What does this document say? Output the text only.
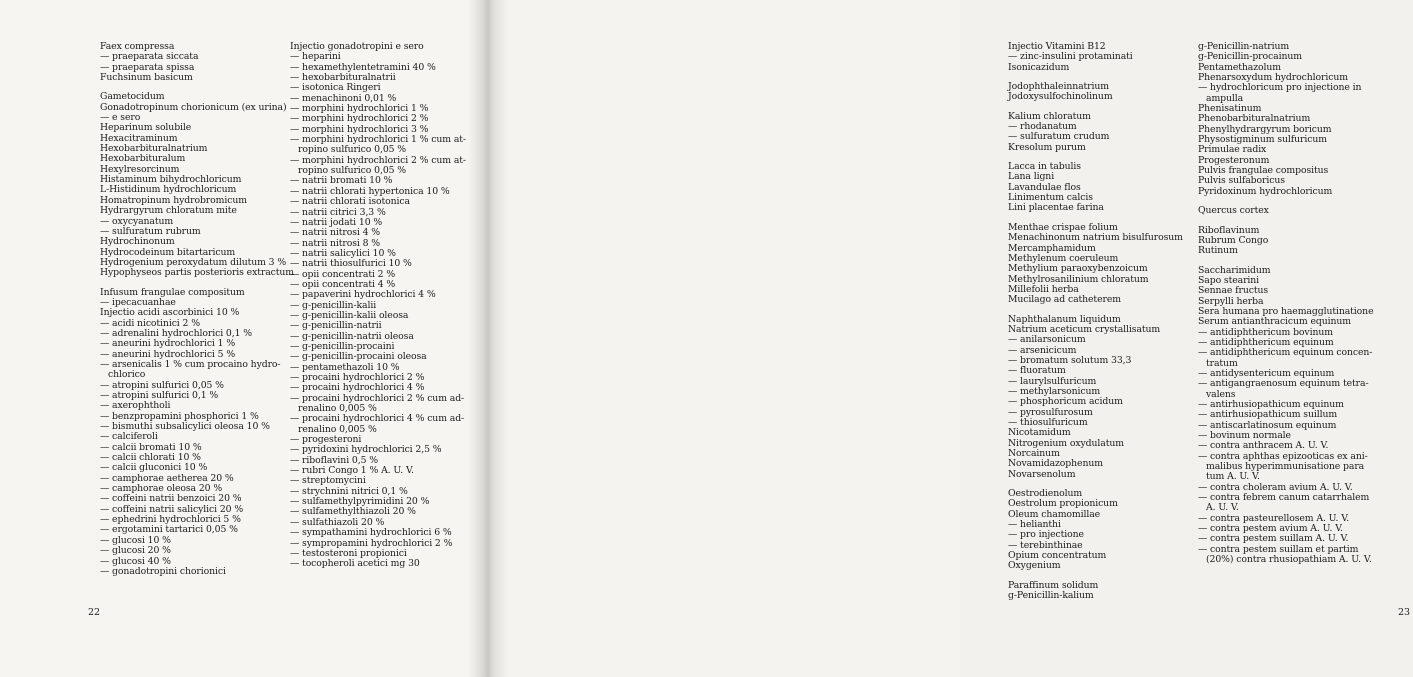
Faex compressa
— praeparata siccata
— praeparata spissa
Fuchsinum basicum
Gametocidum
Gonadotropinum chorionicum (ex urina)
— e sero
Heparinum solubile
Hexacitraminum
Hexobarbituralnatrium
Hexobarbituralum
Hexylresorcinum
Histaminum bihydrochloricum
L-Histidinum hydrochloricum
Homatropinum hydrobromicum
Hydrargyrum chloratum mite
— oxycyanatum
— sulfuratum rubrum
Hydrochinonum
Hydrocodeinum bitartaricum
Hydrogenium peroxydatum dilutum 3 %
Hypophyseos partis posterioris extractum
Infusum frangulae compositum
— ipecacuanhae
Injectio acidi ascorbinici 10 %
— acidi nicotinici 2 %
— adrenalini hydrochlorici 0,1 %
— aneurini hydrochlorici 1 %
— aneurini hydrochlorici 5 %
— arsenicalis 1 % cum procaino hydro-
chlorico
— atropini sulfurici 0,05 %
— atropini sulfurici 0,1 %
— axerophtholi
— benzpropamini phosphorici 1 %
— bismuthi subsalicylici oleosa 10 %
— calciferoli
— calcii bromati 10 %
— calcii chlorati 10 %
— calcii gluconici 10 %
— camphorae aetherea 20 %
— camphorae oleosa 20 %
— coffeini natrii benzoici 20 %
— coffeini natrii salicylici 20 %
— ephedrini hydrochlorici 5 %
— ergotamini tartarici 0,05 %
— glucosi 10 %
— glucosi 20 %
— glucosi 40 %
— gonadotropini chorionici
Injectio gonadotropini e sero
— heparini
— hexamethylentetramini 40 %
— hexobarbituralnatrii
— isotonica Ringeri
— menachinoni 0,01 %
— morphini hydrochlorici 1 %
— morphini hydrochlorici 2 %
— morphini hydrochlorici 3 %
— morphini hydrochlorici 1 % cum at-
ropino sulfurico 0,05 %
— morphini hydrochlorici 2 % cum at-
ropino sulfurico 0,05 %
— natrii bromati 10 %
— natrii chlorati hypertonica 10 %
— natrii chlorati isotonica
— natrii citrici 3,3 %
— natrii jodati 10 %
— natrii nitrosi 4 %
— natrii nitrosi 8 %
— natrii salicylici 10 %
— natrii thiosulfurici 10 %
— opii concentrati 2 %
— opii concentrati 4 %
— papaverini hydrochlorici 4 %
— g-penicillin-kalii
— g-penicillin-kalii oleosa
— g-penicillin-natrii
— g-penicillin-natrii oleosa
— g-penicillin-procaini
— g-penicillin-procaini oleosa
— pentamethazoli 10 %
— procaini hydrochlorici 2 %
— procaini hydrochlorici 4 %
— procaini hydrochlorici 2 % cum ad-
renalino 0,005 %
— procaini hydrochlorici 4 % cum ad-
renalino 0,005 %
— progesteroni
— pyridoxini hydrochlorici 2,5 %
— riboflavini 0,5 %
— rubri Congo 1 % A. U. V.
— streptomycini
— strychnini nitrici 0,1 %
— sulfamethylpyrimidini 20 %
— sulfamethylthiazoli 20 %
— sulfathiazoli 20 %
— sympathamini hydrochlorici 6 %
— sympropamini hydrochlorici 2 %
— testosteroni propionici
— tocopheroli acetici mg 30
22
Injectio Vitamini B12
— zinc-insulini protaminati
Isonicazidum
Jodophthaleinnatrium
Jodoxysulfochinolinum
Kalium chloratum
— rhodanatum
— sulfuratum crudum
Kresolum purum
Lacca in tabulis
Lana ligni
Lavandulae flos
Linimentum calcis
Lini placentae farina
Menthae crispae folium
Menachinonum natrium bisulfurosum
Mercamphamidum
Methylenum coeruleum
Methylium paraoxybenzoicum
Methylrosanilinium chloratum
Millefolii herba
Mucilago ad catheterem
Naphthalanum liquidum
Natrium aceticum crystallisatum
— anilarsonicum
— arsenicicum
— bromatum solutum 33,3
— fluoratum
— laurylsulfuricum
— methylarsonicum
— phosphoricum acidum
— pyrosulfurosum
— thiosulfuricum
Nicotamidum
Nitrogenium oxydulatum
Norcainum
Novamidazophenum
Novarsenolum
Oestrodienolum
Oestrolum propionicum
Oleum chamomillae
— helianthi
— pro injectione
— terebinthinae
Opium concentratum
Oxygenium
Paraffinum solidum
g-Penicillin-kalium
g-Penicillin-natrium
g-Penicillin-procainum
Pentamethazolum
Phenarsoxydum hydrochloricum
— hydrochloricum pro injectione in
ampulla
Phenisatinum
Phenobarbituralnatrium
Phenylhydrargyrum boricum
Physostigminum sulfuricum
Primulae radix
Progesteronum
Pulvis frangulae compositus
Pulvis sulfaboricus
Pyridoxinum hydrochloricum
Quercus cortex
Riboflavinum
Rubrum Congo
Rutinum
Saccharimidum
Sapo stearini
Sennae fructus
Serpylli herba
Sera humana pro haemagglutinatione
Serum antianthracicum equinum
— antidiphthericum bovinum
— antidiphthericum equinum
— antidiphthericum equinum concen-
tratum
— antidysentericum equinum
— antigangraenosum equinum tetra-
valens
— antirhusiopathicum equinum
— antirhusiopathicum suillum
— antiscarlatinosum equinum
— bovinum normale
— contra anthracem A. U. V.
— contra aphthas epizooticas ex ani-
malibus hyperimmunisatione para
tum A. U. V.
— contra choleram avium A. U. V.
— contra febrem canum catarrhalem
A. U. V.
— contra pasteurellosem A. U. V.
— contra pestem avium A. U. V.
— contra pestem suillam A. U. V.
— contra pestem suillam et partim
(20%) contra rhusiopathiam A. U. V.
23
